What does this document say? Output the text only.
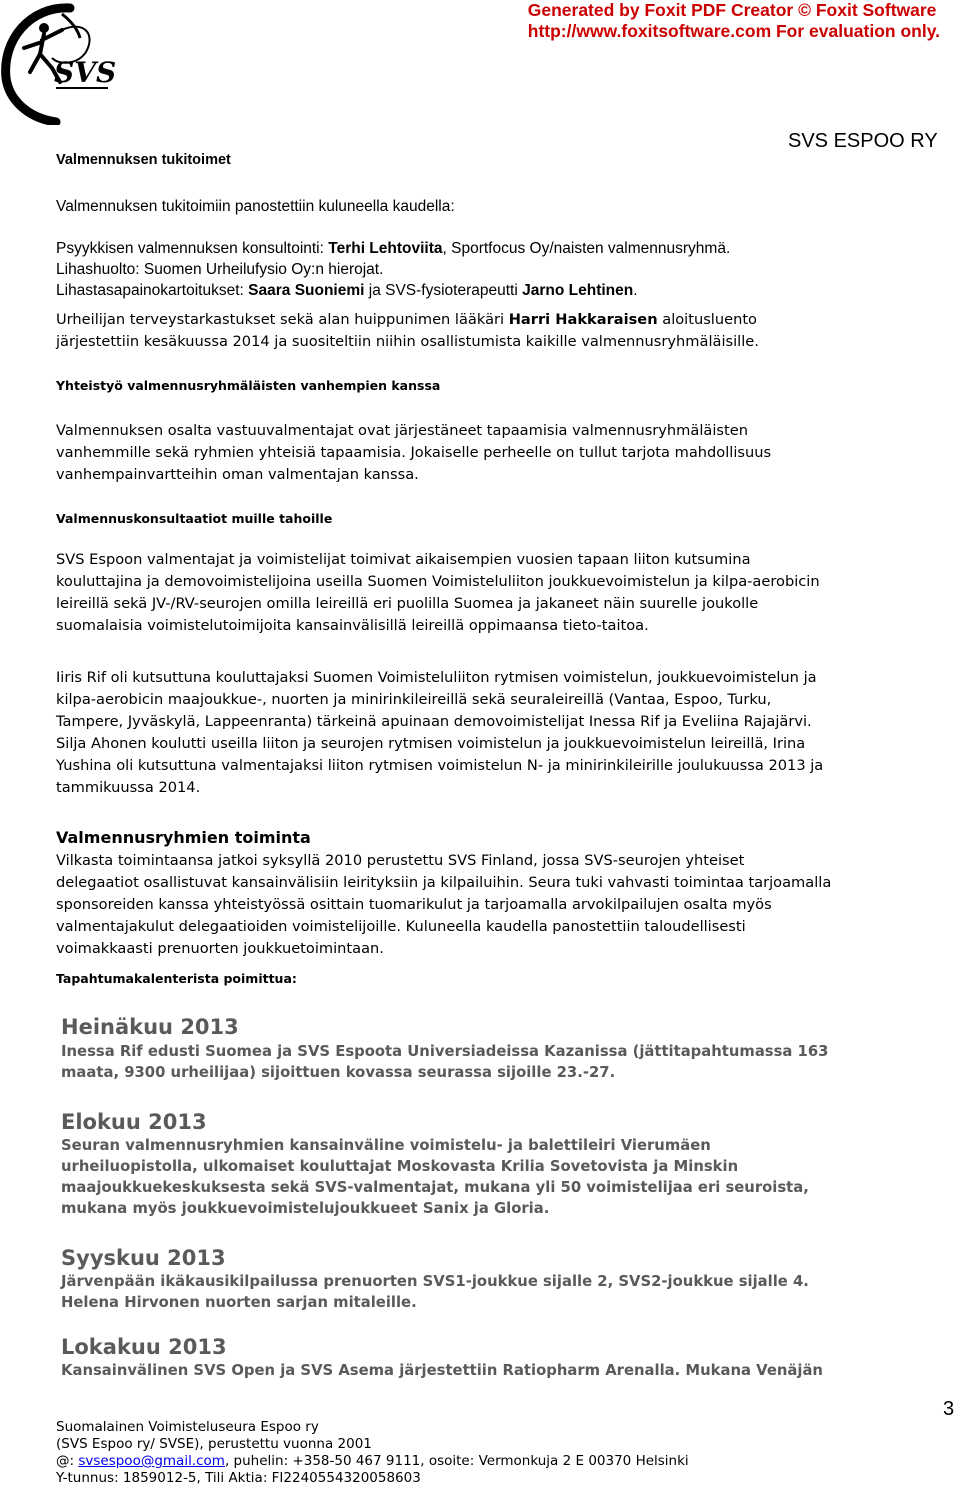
Generated by Foxit PDF Creator © Foxit Software
http://www.foxitsoftware.com For evaluation only.
SVS
SVS ESPOO RY
Valmennuksen tukitoimet
Valmennuksen tukitoimiin panostettiin kuluneella kaudella:
Psyykkisen valmennuksen konsultointi: Terhi Lehtoviita, Sportfocus Oy/naisten valmennusryhmä.
Lihashuolto: Suomen Urheilufysio Oy:n hierojat.
Lihastasapainokartoitukset: Saara Suoniemi ja SVS-fysioterapeutti Jarno Lehtinen.
Urheilijan terveystarkastukset sekä alan huippunimen lääkäri Harri Hakkaraisen aloitusluento
järjestettiin kesäkuussa 2014 ja suositeltiin niihin osallistumista kaikille valmennusryhmäläisille.
Yhteistyö valmennusryhmäläisten vanhempien kanssa
Valmennuksen osalta vastuuvalmentajat ovat järjestäneet tapaamisia valmennusryhmäläisten
vanhemmille sekä ryhmien yhteisiä tapaamisia. Jokaiselle perheelle on tullut tarjota mahdollisuus
vanhempainvartteihin oman valmentajan kanssa.
Valmennuskonsultaatiot muille tahoille
SVS Espoon valmentajat ja voimistelijat toimivat aikaisempien vuosien tapaan liiton kutsumina
kouluttajina ja demovoimistelijoina useilla Suomen Voimisteluliiton joukkuevoimistelun ja kilpa-aerobicin
leireillä sekä JV-/RV-seurojen omilla leireillä eri puolilla Suomea ja jakaneet näin suurelle joukolle
suomalaisia voimistelutoimijoita kansainvälisillä leireillä oppimaansa tieto-taitoa.
Iiris Rif oli kutsuttuna kouluttajaksi Suomen Voimisteluliiton rytmisen voimistelun, joukkuevoimistelun ja
kilpa-aerobicin maajoukkue-, nuorten ja minirinkileireillä sekä seuraleireillä (Vantaa, Espoo, Turku,
Tampere, Jyväskylä, Lappeenranta) tärkeinä apuinaan demovoimistelijat Inessa Rif ja Eveliina Rajajärvi.
Silja Ahonen koulutti useilla liiton ja seurojen rytmisen voimistelun ja joukkuevoimistelun leireillä, Irina
Yushina oli kutsuttuna valmentajaksi liiton rytmisen voimistelun N- ja minirinkileirille joulukuussa 2013 ja
tammikuussa 2014.
Valmennusryhmien toiminta
Vilkasta toimintaansa jatkoi syksyllä 2010 perustettu SVS Finland, jossa SVS-seurojen yhteiset
delegaatiot osallistuvat kansainvälisiin leirityksiin ja kilpailuihin. Seura tuki vahvasti toimintaa tarjoamalla
sponsoreiden kanssa yhteistyössä osittain tuomarikulut ja tarjoamalla arvokilpailujen osalta myös
valmentajakulut delegaatioiden voimistelijoille. Kuluneella kaudella panostettiin taloudellisesti
voimakkaasti prenuorten joukkuetoimintaan.
Tapahtumakalenterista poimittua:
Heinäkuu 2013
Inessa Rif edusti Suomea ja SVS Espoota Universiadeissa Kazanissa (jättitapahtumassa 163
maata, 9300 urheilijaa) sijoittuen kovassa seurassa sijoille 23.-27.
Elokuu 2013
Seuran valmennusryhmien kansainväline voimistelu- ja balettileiri Vierumäen
urheiluopistolla, ulkomaiset kouluttajat Moskovasta Krilia Sovetovista ja Minskin
maajoukkuekeskuksesta sekä SVS-valmentajat, mukana yli 50 voimistelijaa eri seuroista,
mukana myös joukkuevoimistelujoukkueet Sanix ja Gloria.
Syyskuu 2013
Järvenpään ikäkausikilpailussa prenuorten SVS1-joukkue sijalle 2, SVS2-joukkue sijalle 4.
Helena Hirvonen nuorten sarjan mitaleille.
Lokakuu 2013
Kansainvälinen SVS Open ja SVS Asema järjestettiin Ratiopharm Arenalla. Mukana Venäjän
Suomalainen Voimisteluseura Espoo ry
(SVS Espoo ry/ SVSE), perustettu vuonna 2001
@: svsespoo@gmail.com, puhelin: +358-50 467 9111, osoite: Vermonkuja 2 E 00370 Helsinki
Y-tunnus: 1859012-5, Tili Aktia: FI2240554320058603
3
